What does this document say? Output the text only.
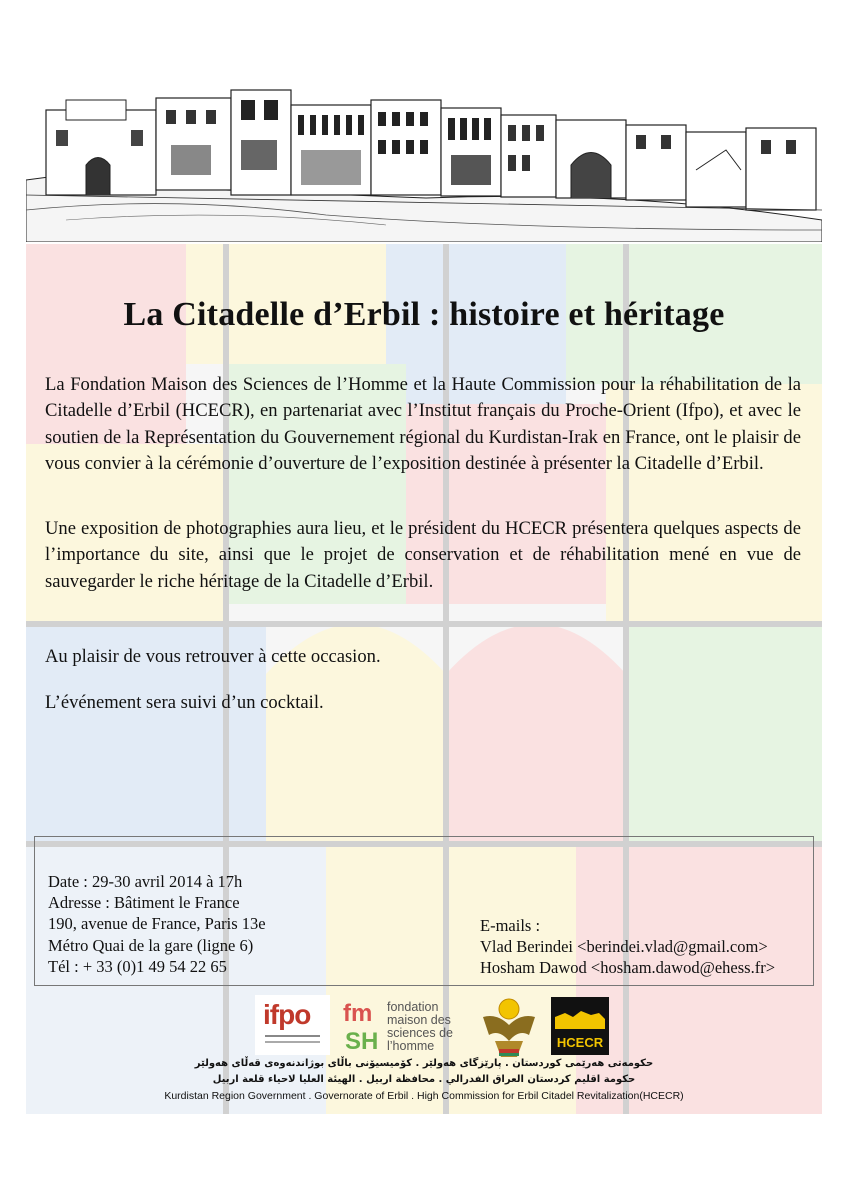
La Citadelle d’Erbil : histoire et héritage

La Fondation Maison des Sciences de l’Homme et la Haute Commission pour la réhabilitation de la Citadelle d’Erbil (HCECR), en partenariat avec l’Institut français du Proche-Orient (Ifpo), et avec le soutien de la Représentation du Gouvernement régional du Kurdistan-Irak en France, ont le plaisir de vous convier à la cérémonie d’ouverture de l’exposition destinée à présenter la Citadelle d’Erbil.

Une exposition de photographies aura lieu, et le président du HCECR présentera quelques aspects de l’importance du site, ainsi que le projet de conservation et de réhabilitation mené en vue de sauvegarder le riche héritage de la Citadelle d’Erbil.

Au plaisir de vous retrouver à cette occasion.

L’événement sera suivi d’un cocktail.

Date : 29-30 avril 2014 à 17h
Adresse : Bâtiment le France
190, avenue de France, Paris 13e
Métro Quai de la gare (ligne 6)
Tél : + 33 (0)1 49 54 22 65
E-mails :
Vlad Berindei <berindei.vlad@gmail.com>
Hosham Dawod <hosham.dawod@ehess.fr>
ifpo fm
SH
fondation maison des sciences de l’homme	HCECR
حكومەتی هەرێمی کوردستان . پارێزگای هەولێر . کۆمیسیۆنی باڵای بوژاندنەوەی قەڵای هەولێر
حكومة اقليم كردستان العراق الفدرالي . محافظة اربيل . الهيئة العليا لاحياء قلعة اربيل
Kurdistan Region Government . Governorate of Erbil . High Commission for Erbil Citadel Revitalization(HCECR)
